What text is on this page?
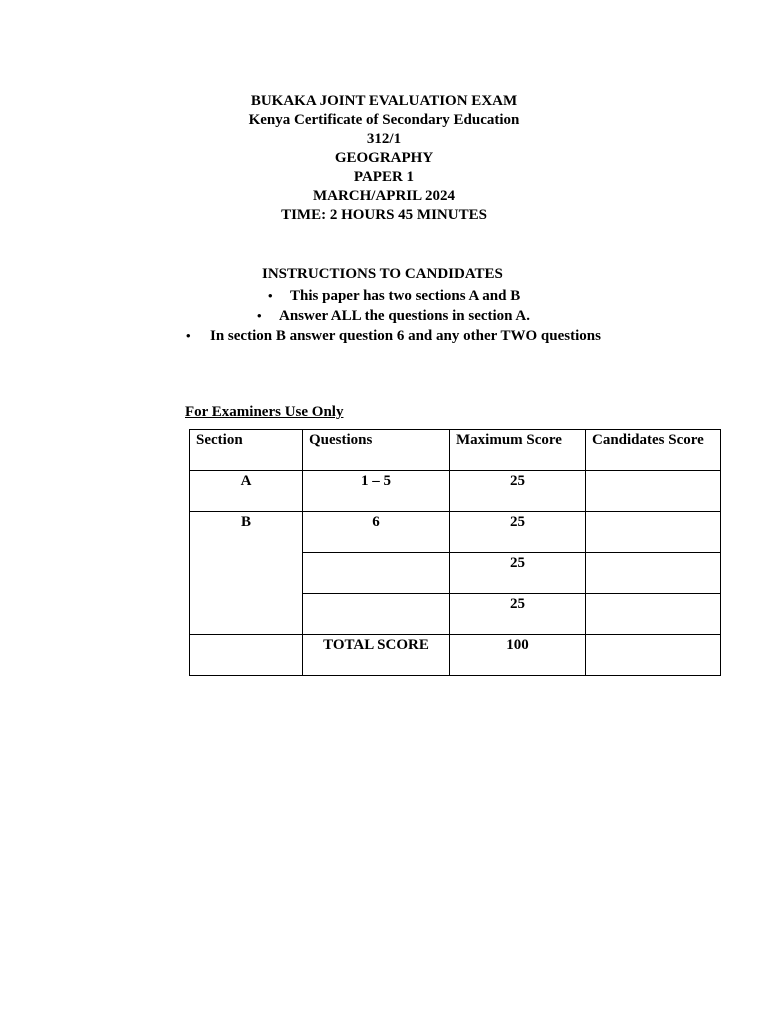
BUKAKA JOINT EVALUATION EXAM
Kenya Certificate of Secondary Education
312/1
GEOGRAPHY
PAPER 1
MARCH/APRIL 2024
TIME: 2 HOURS 45 MINUTES
INSTRUCTIONS TO CANDIDATES
• This paper has two sections A and B
• Answer ALL the questions in section A.
• In section B answer question 6 and any other TWO questions
For Examiners Use Only
Section	Questions	Maximum Score	Candidates Score
A	1 – 5	25	
B	6	25	
		25	
		25	
	TOTAL SCORE	100	
